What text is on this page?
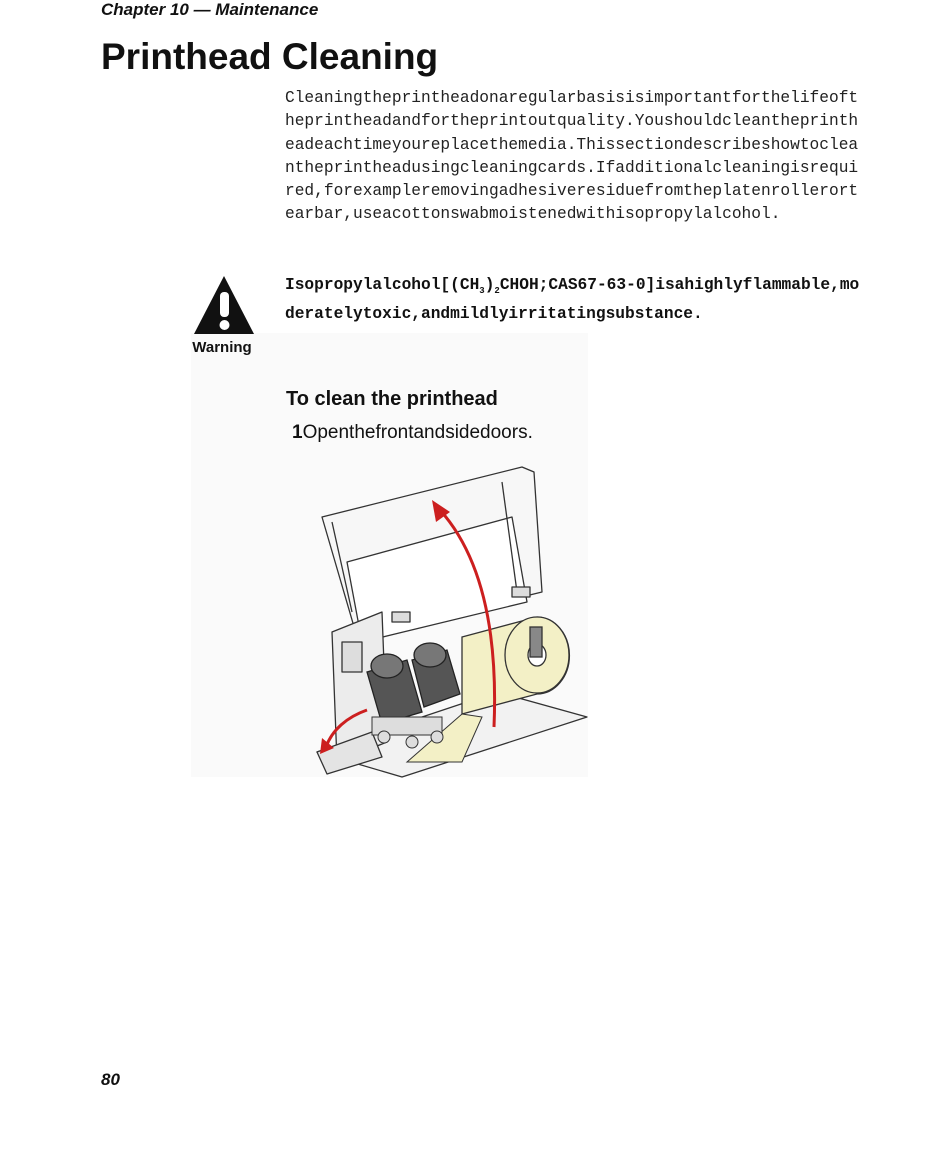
Chapter 10 — Maintenance
Printhead Cleaning
Cleaningtheprintheadonaregularbasisisimportantforthelifeoftheprintheadandfortheprintoutquality.Youshouldcleantheprintheadeachtimeyoureplacethemedia.Thissectiondescribeshowtocleantheprintheadusingcleaningcards.Ifadditionalcleaningisrequired,forexampleremovingadhesiveresiduefromtheplatenrollerortearbar,useacottonswabmoistenedwithisopropylalcohol.
Warning
$Isopropylalcohol[(CH_3)_2CHOH;CAS67-63-0]isahighlyflammable,moderatelytoxic,andmildlyirritatingsubstance$.
To clean the printhead
1Openthefrontandsidedoors.
80
